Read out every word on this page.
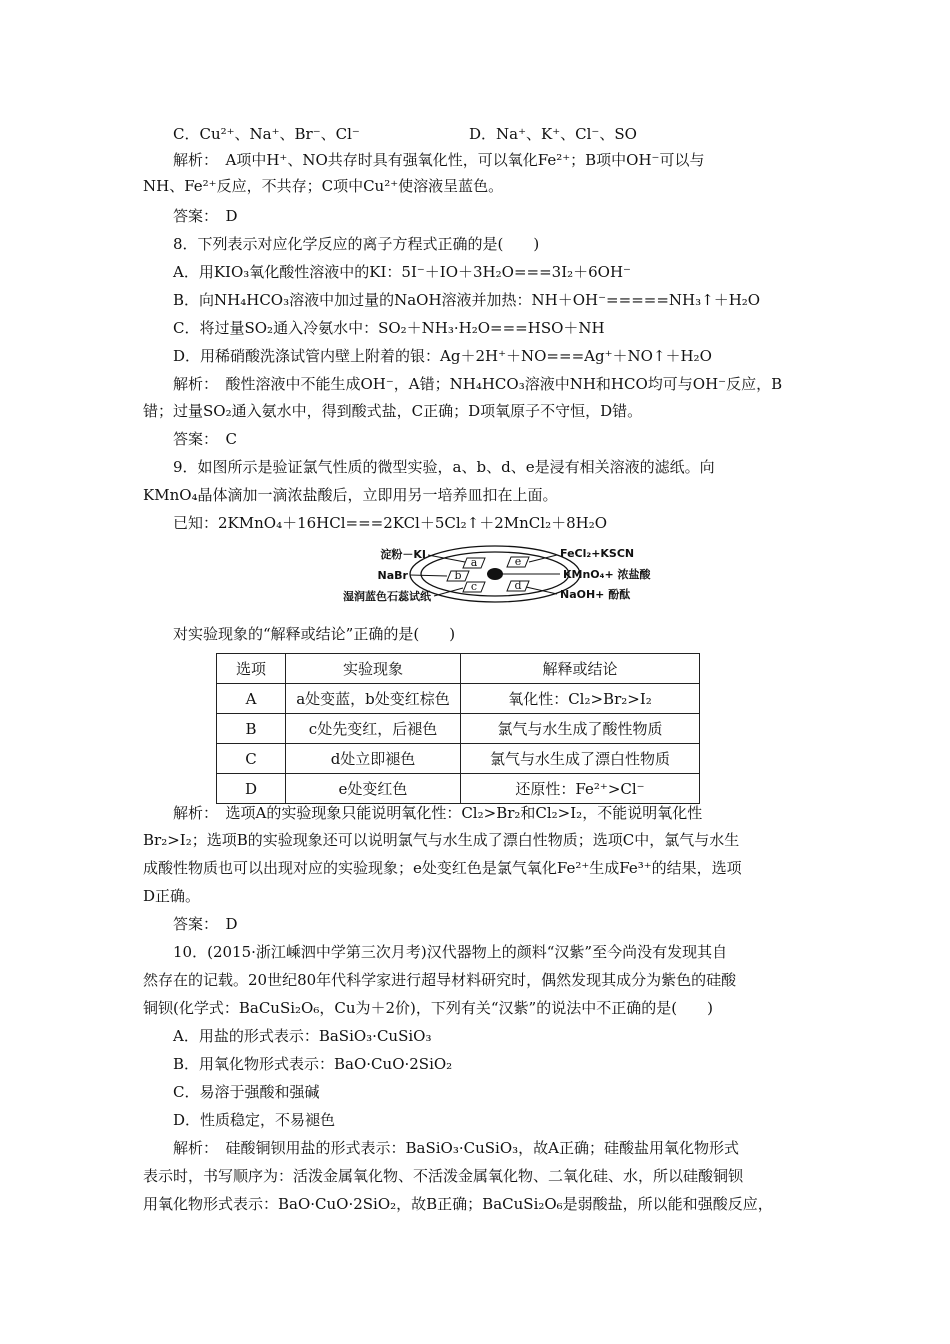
C．Cu²⁺、Na⁺、Br⁻、Cl⁻	D．Na⁺、K⁺、Cl⁻、SO
解析：　A项中H⁺、NO共存时具有强氧化性，可以氧化Fe²⁺；B项中OH⁻可以与
NH、Fe²⁺反应，不共存；C项中Cu²⁺使溶液呈蓝色。
答案：　D
8．下列表示对应化学反应的离子方程式正确的是(　　)
A．用KIO₃氧化酸性溶液中的KI：5I⁻＋IO＋3H₂O===3I₂＋6OH⁻
B．向NH₄HCO₃溶液中加过量的NaOH溶液并加热：NH＋OH⁻=====NH₃↑＋H₂O
C．将过量SO₂通入冷氨水中：SO₂＋NH₃·H₂O===HSO＋NH
D．用稀硝酸洗涤试管内壁上附着的银：Ag＋2H⁺＋NO===Ag⁺＋NO↑＋H₂O
解析：　酸性溶液中不能生成OH⁻，A错；NH₄HCO₃溶液中NH和HCO均可与OH⁻反应，B
错；过量SO₂通入氨水中，得到酸式盐，C正确；D项氧原子不守恒，D错。
答案：　C
9．如图所示是验证氯气性质的微型实验，a、b、d、e是浸有相关溶液的滤纸。向
KMnO₄晶体滴加一滴浓盐酸后，立即用另一培养皿扣在上面。
已知：2KMnO₄＋16HCl===2KCl＋5Cl₂↑＋2MnCl₂＋8H₂O
a
b
c
e
d
淀粉－KI
NaBr
湿润蓝色石蕊试纸
FeCl₂+KSCN
KMnO₄+ 浓盐酸
NaOH+ 酚酞
对实验现象的“解释或结论”正确的是(　　)
选项	实验现象	解释或结论
A	a处变蓝，b处变红棕色	氧化性：Cl₂>Br₂>I₂
B	c处先变红，后褪色	氯气与水生成了酸性物质
C	d处立即褪色	氯气与水生成了漂白性物质
D	e处变红色	还原性：Fe²⁺>Cl⁻
解析：　选项A的实验现象只能说明氧化性：Cl₂>Br₂和Cl₂>I₂，不能说明氧化性
Br₂>I₂；选项B的实验现象还可以说明氯气与水生成了漂白性物质；选项C中，氯气与水生
成酸性物质也可以出现对应的实验现象；e处变红色是氯气氧化Fe²⁺生成Fe³⁺的结果，选项
D正确。
答案：　D
10．(2015·浙江嵊泗中学第三次月考)汉代器物上的颜料“汉紫”至今尚没有发现其自
然存在的记载。20世纪80年代科学家进行超导材料研究时，偶然发现其成分为紫色的硅酸
铜钡(化学式：BaCuSi₂O₆，Cu为＋2价)，下列有关“汉紫”的说法中不正确的是(　　)
A．用盐的形式表示：BaSiO₃·CuSiO₃
B．用氧化物形式表示：BaO·CuO·2SiO₂
C．易溶于强酸和强碱
D．性质稳定，不易褪色
解析：　硅酸铜钡用盐的形式表示：BaSiO₃·CuSiO₃，故A正确；硅酸盐用氧化物形式
表示时，书写顺序为：活泼金属氧化物、不活泼金属氧化物、二氧化硅、水，所以硅酸铜钡
用氧化物形式表示：BaO·CuO·2SiO₂，故B正确；BaCuSi₂O₆是弱酸盐，所以能和强酸反应，
